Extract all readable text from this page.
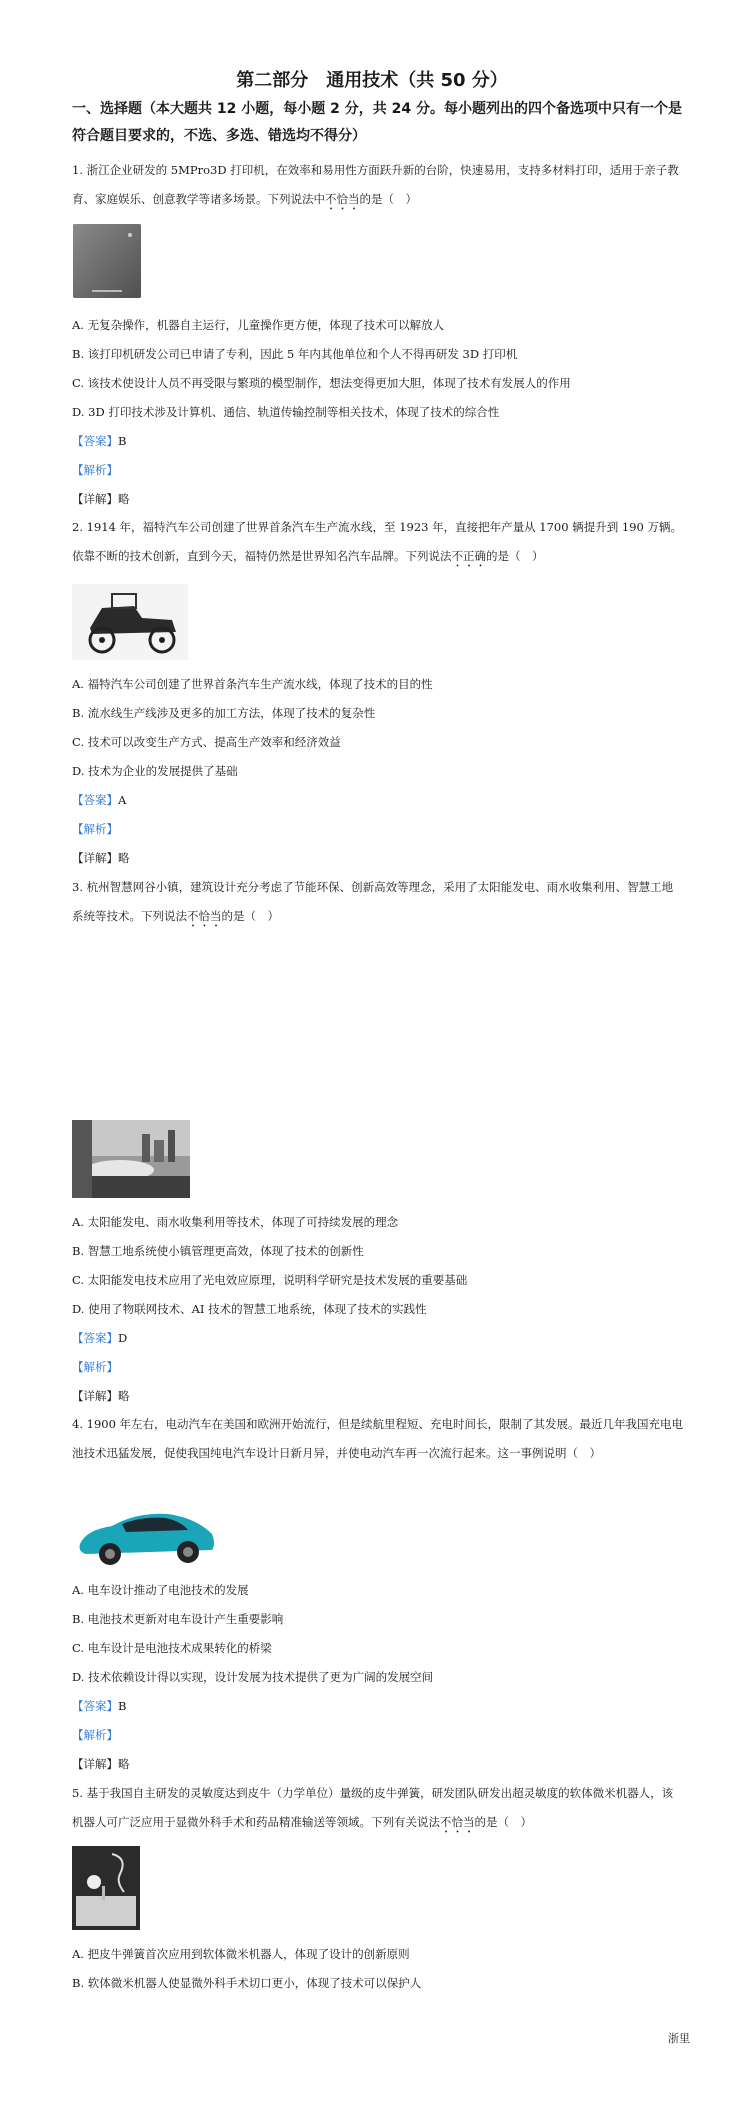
第二部分　通用技术（共 50 分）
一、选择题（本大题共 12 小题，每小题 2 分，共 24 分。每小题列出的四个备选项中只有一个是符合题目要求的，不选、多选、错选均不得分）
1. 浙江企业研发的 5MPro3D 打印机，在效率和易用性方面跃升新的台阶，快速易用，支持多材料打印，适用于亲子教育、家庭娱乐、创意教学等诸多场景。下列说法中不恰当的是（　）
A. 无复杂操作，机器自主运行，儿童操作更方便，体现了技术可以解放人
B. 该打印机研发公司已申请了专利，因此 5 年内其他单位和个人不得再研发 3D 打印机
C. 该技术使设计人员不再受限与繁琐的模型制作，想法变得更加大胆，体现了技术有发展人的作用
D. 3D 打印技术涉及计算机、通信、轨道传输控制等相关技术，体现了技术的综合性
【答案】B
【解析】
【详解】略
2. 1914 年，福特汽车公司创建了世界首条汽车生产流水线，至 1923 年，直接把年产量从 1700 辆提升到 190 万辆。依靠不断的技术创新，直到今天，福特仍然是世界知名汽车品牌。下列说法不正确的是（　）
A. 福特汽车公司创建了世界首条汽车生产流水线，体现了技术的目的性
B. 流水线生产线涉及更多的加工方法，体现了技术的复杂性
C. 技术可以改变生产方式、提高生产效率和经济效益
D. 技术为企业的发展提供了基础
【答案】A
【解析】
【详解】略
3. 杭州智慧网谷小镇，建筑设计充分考虑了节能环保、创新高效等理念，采用了太阳能发电、雨水收集利用、智慧工地系统等技术。下列说法不恰当的是（　）
A. 太阳能发电、雨水收集利用等技术，体现了可持续发展的理念
B. 智慧工地系统使小镇管理更高效，体现了技术的创新性
C. 太阳能发电技术应用了光电效应原理，说明科学研究是技术发展的重要基础
D. 使用了物联网技术、AI 技术的智慧工地系统，体现了技术的实践性
【答案】D
【解析】
【详解】略
4. 1900 年左右，电动汽车在美国和欧洲开始流行，但是续航里程短、充电时间长，限制了其发展。最近几年我国充电电池技术迅猛发展，促使我国纯电汽车设计日新月异，并使电动汽车再一次流行起来。这一事例说明（　）
A. 电车设计推动了电池技术的发展
B. 电池技术更新对电车设计产生重要影响
C. 电车设计是电池技术成果转化的桥梁
D. 技术依赖设计得以实现，设计发展为技术提供了更为广阔的发展空间
【答案】B
【解析】
【详解】略
5. 基于我国自主研发的灵敏度达到皮牛（力学单位）量级的皮牛弹簧，研发团队研发出超灵敏度的软体微米机器人，该机器人可广泛应用于显微外科手术和药品精准输送等领域。下列有关说法不恰当的是（　）
A. 把皮牛弹簧首次应用到软体微米机器人，体现了设计的创新原则
B. 软体微米机器人使显微外科手术切口更小，体现了技术可以保护人
浙里
